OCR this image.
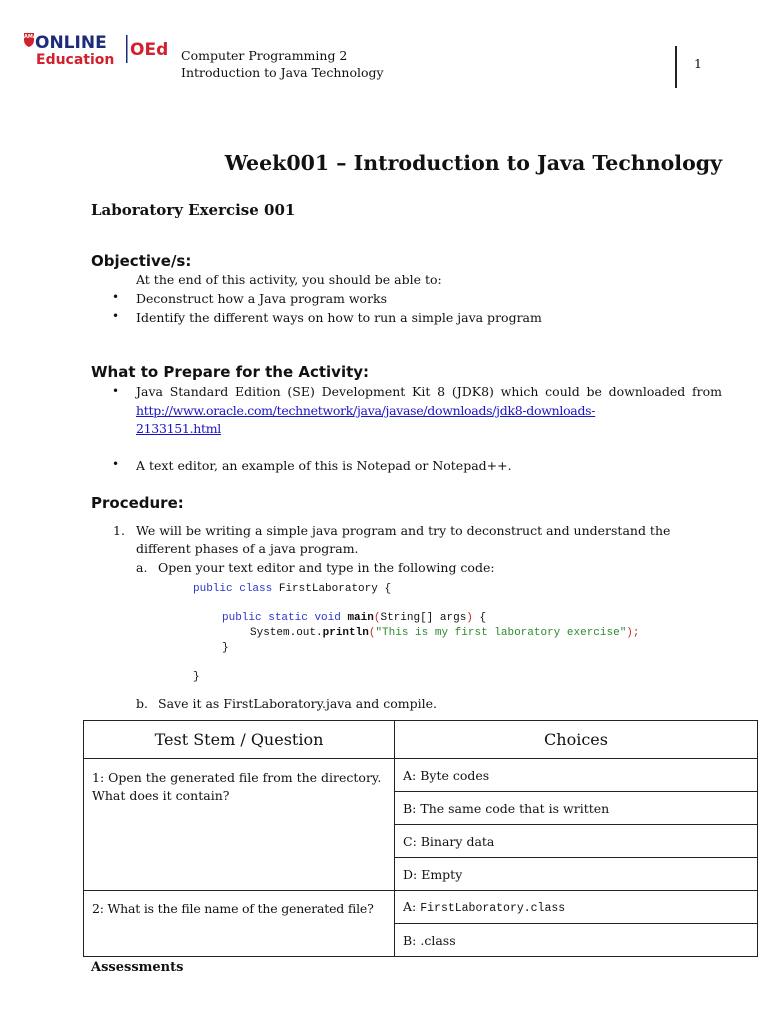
AMA
ONLINE
Education OEd Computer Programming 2
Introduction to Java Technology
1
Week001 – Introduction to Java Technology
Laboratory Exercise 001
Objective/s:
At the end of this activity, you should be able to:
• Deconstruct how a Java program works
• Identify the different ways on how to run a simple java program
What to Prepare for the Activity:
• Java Standard Edition (SE) Development Kit 8 (JDK8) which could be downloaded from
http://www.oracle.com/technetwork/java/javase/downloads/jdk8-downloads-
2133151.html
• A text editor, an example of this is Notepad or Notepad++.
Procedure:
1. We will be writing a simple java program and try to deconstruct and understand the
different phases of a java program.
a. Open your text editor and type in the following code:
public class FirstLaboratory {
public static void main(String[] args) {
System.out.println("This is my first laboratory exercise");
}
}
b. Save it as FirstLaboratory.java and compile.
Test Stem / Question	Choices

1: Open the generated file from the directory.
What does it contain?	A: Byte codes
	B: The same code that is written
	C: Binary data
	D: Empty
2: What is the file name of the generated file?	A: FirstLaboratory.class
	B: .class
Assessments
